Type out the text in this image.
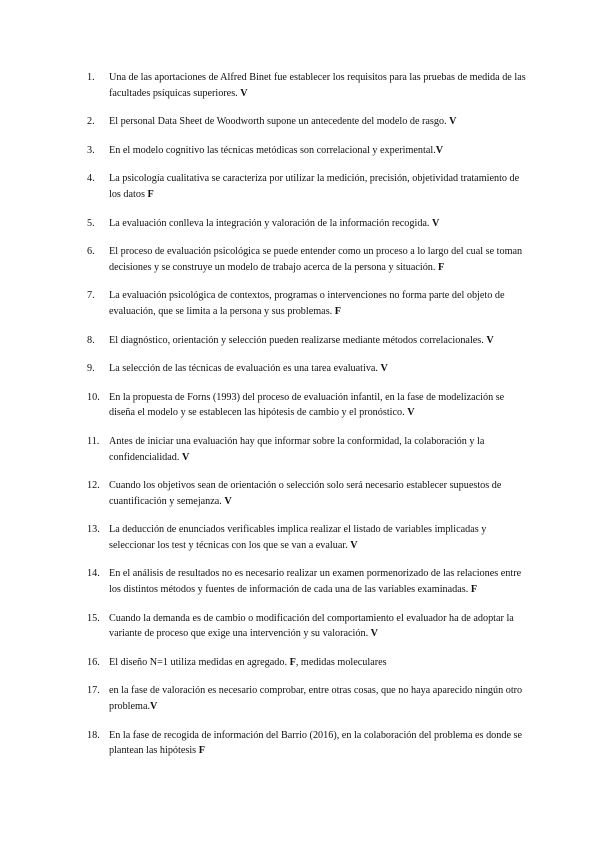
1.	Una de las aportaciones de Alfred Binet fue establecer los requisitos para las pruebas de medida de las facultades psíquicas superiores. V
2.	El personal Data Sheet de Woodworth supone un antecedente del modelo de rasgo. V
3.	En el modelo cognitivo las técnicas metódicas son correlacional y experimental.V
4.	La psicología cualitativa se caracteriza por utilizar la medición, precisión, objetividad tratamiento de los datos F
5.	La evaluación conlleva la integración y valoración de la información recogida. V
6.	El proceso de evaluación psicológica se puede entender como un proceso a lo largo del cual se toman decisiones y se construye un modelo de trabajo acerca de la persona y situación. F
7.	La evaluación psicológica de contextos, programas o intervenciones no forma parte del objeto de evaluación, que se limita a la persona y sus problemas. F
8.	El diagnóstico, orientación y selección pueden realizarse mediante métodos correlacionales. V
9.	La selección de las técnicas de evaluación es una tarea evaluativa. V
10. En la propuesta de Forns (1993) del proceso de evaluación infantil, en la fase de modelización se diseña el modelo y se establecen las hipótesis de cambio y el pronóstico. V
11. Antes de iniciar una evaluación hay que informar sobre la conformidad, la colaboración y la confidencialidad. V
12. Cuando los objetivos sean de orientación o selección solo será necesario establecer supuestos de cuantificación y semejanza. V
13. La deducción de enunciados verificables implica realizar el listado de variables implicadas y seleccionar los test y técnicas con los que se van a evaluar. V
14. En el análisis de resultados no es necesario realizar un examen pormenorizado de las relaciones entre los distintos métodos y fuentes de información de cada una de las variables examinadas. F
15. Cuando la demanda es de cambio o modificación del comportamiento el evaluador ha de adoptar la variante de proceso que exige una intervención y su valoración. V
16. El diseño N=1 utiliza medidas en agregado. F, medidas moleculares
17. en la fase de valoración es necesario comprobar, entre otras cosas, que no haya aparecido ningún otro problema.V
18. En la fase de recogida de información del Barrio (2016), en la colaboración del problema es donde se plantean las hipótesis F
